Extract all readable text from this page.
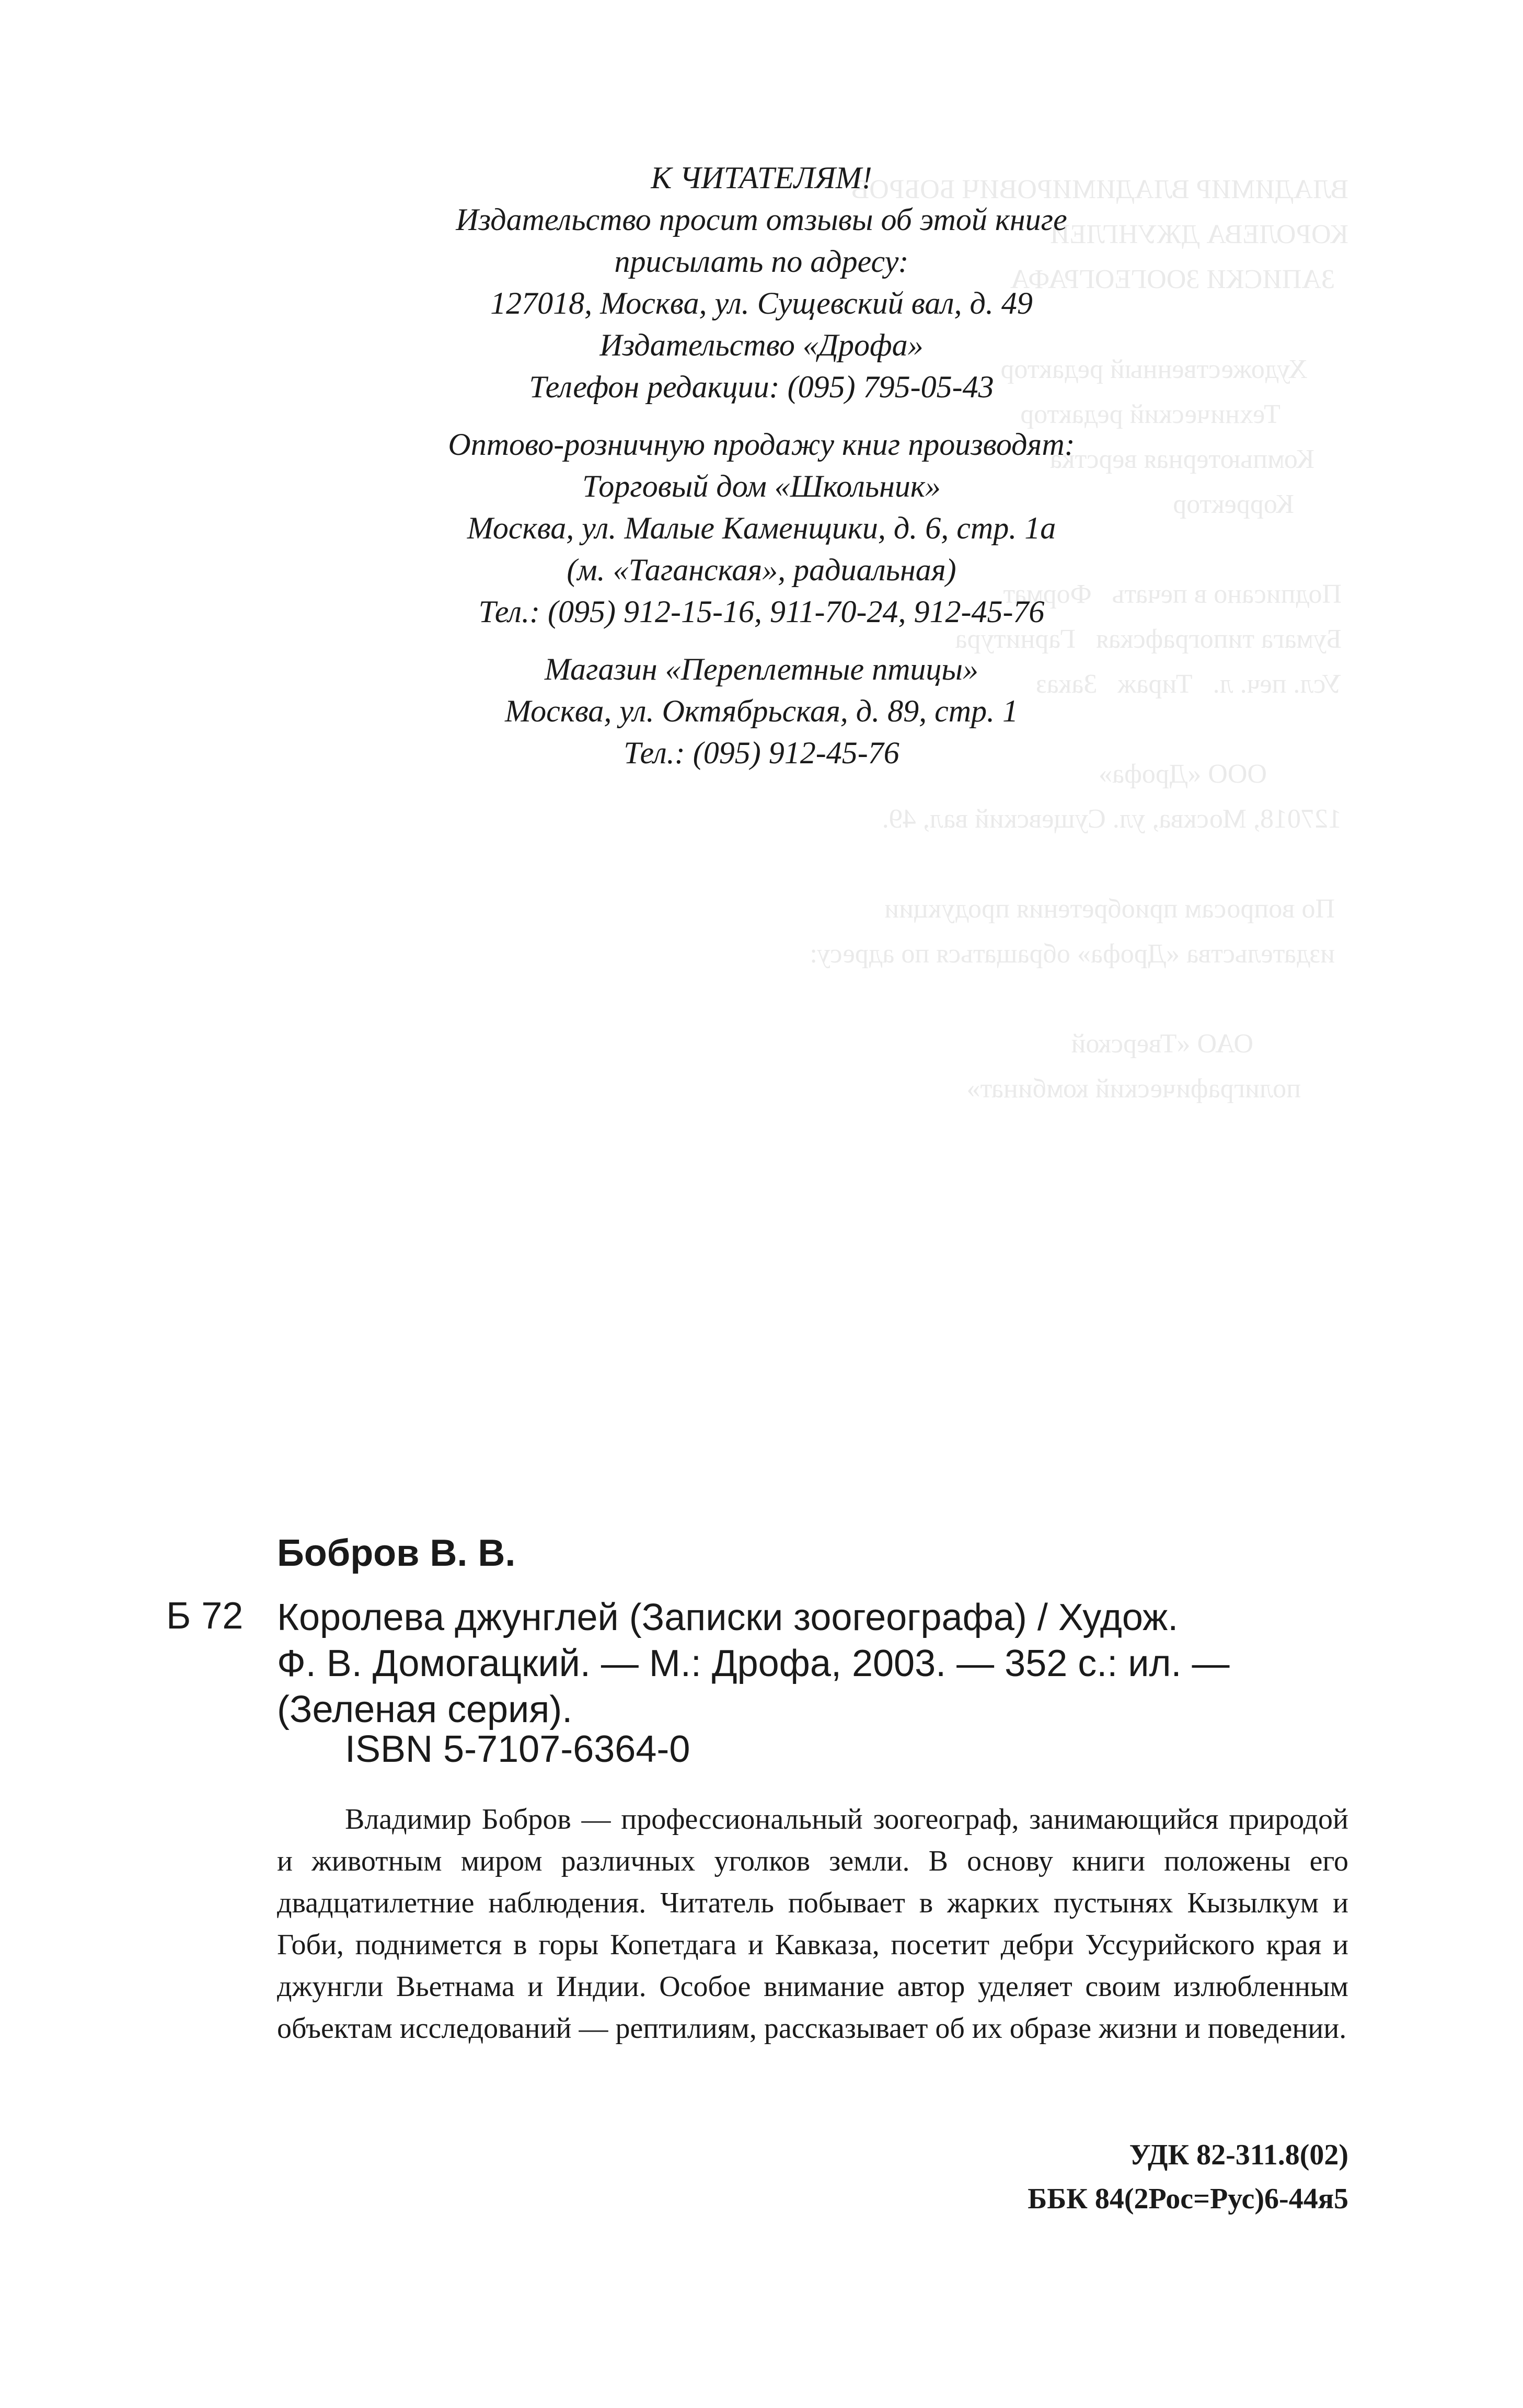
ВЛАДИМИР ВЛАДИМИРОВИЧ БОБРОВ
КОРОЛЕВА ДЖУНГЛЕЙ
ЗАПИСКИ ЗООГЕОГРАФА

Художественный редактор
Технический редактор
Компьютерная верстка
Корректор

Подписано в печать   Формат
Бумага типографская   Гарнитура
Усл. печ. л.   Тираж   Заказ

ООО «Дрофа»
127018, Москва, ул. Сущевский вал, 49.

По вопросам приобретения продукции
издательства «Дрофа» обращаться по адресу:

ОАО «Тверской
полиграфический комбинат»
К ЧИТАТЕЛЯМ!
Издательство просит отзывы об этой книге
присылать по адресу:
127018, Москва, ул. Сущевский вал, д. 49
Издательство «Дрофа»
Телефон редакции: (095) 795-05-43
Оптово-розничную продажу книг производят:
Торговый дом «Школьник»
Москва, ул. Малые Каменщики, д. 6, стр. 1а
(м. «Таганская», радиальная)
Тел.: (095) 912-15-16, 911-70-24, 912-45-76
Магазин «Переплетные птицы»
Москва, ул. Октябрьская, д. 89, стр. 1
Тел.: (095) 912-45-76
Бобров В. В.
Б 72 Королева джунглей (Записки зоогеографа) / Худож.
Ф. В. Домогацкий. — М.: Дрофа, 2003. — 352 с.: ил. —
(Зеленая серия).
ISBN 5-7107-6364-0
Владимир Бобров — профессиональный зоогеограф, занимающийся природой и животным миром различных уголков земли. В основу книги положены его двадцатилетние наблюдения. Читатель побывает в жарких пустынях Кызылкум и Гоби, поднимется в горы Копетдага и Кавказа, посетит дебри Уссурийского края и джунгли Вьетнама и Индии. Особое внимание автор уделяет своим излюбленным объектам исследований — рептилиям, рассказывает об их образе жизни и поведении.
УДК 82-311.8(02)
ББК 84(2Рос=Рус)6-44я5
